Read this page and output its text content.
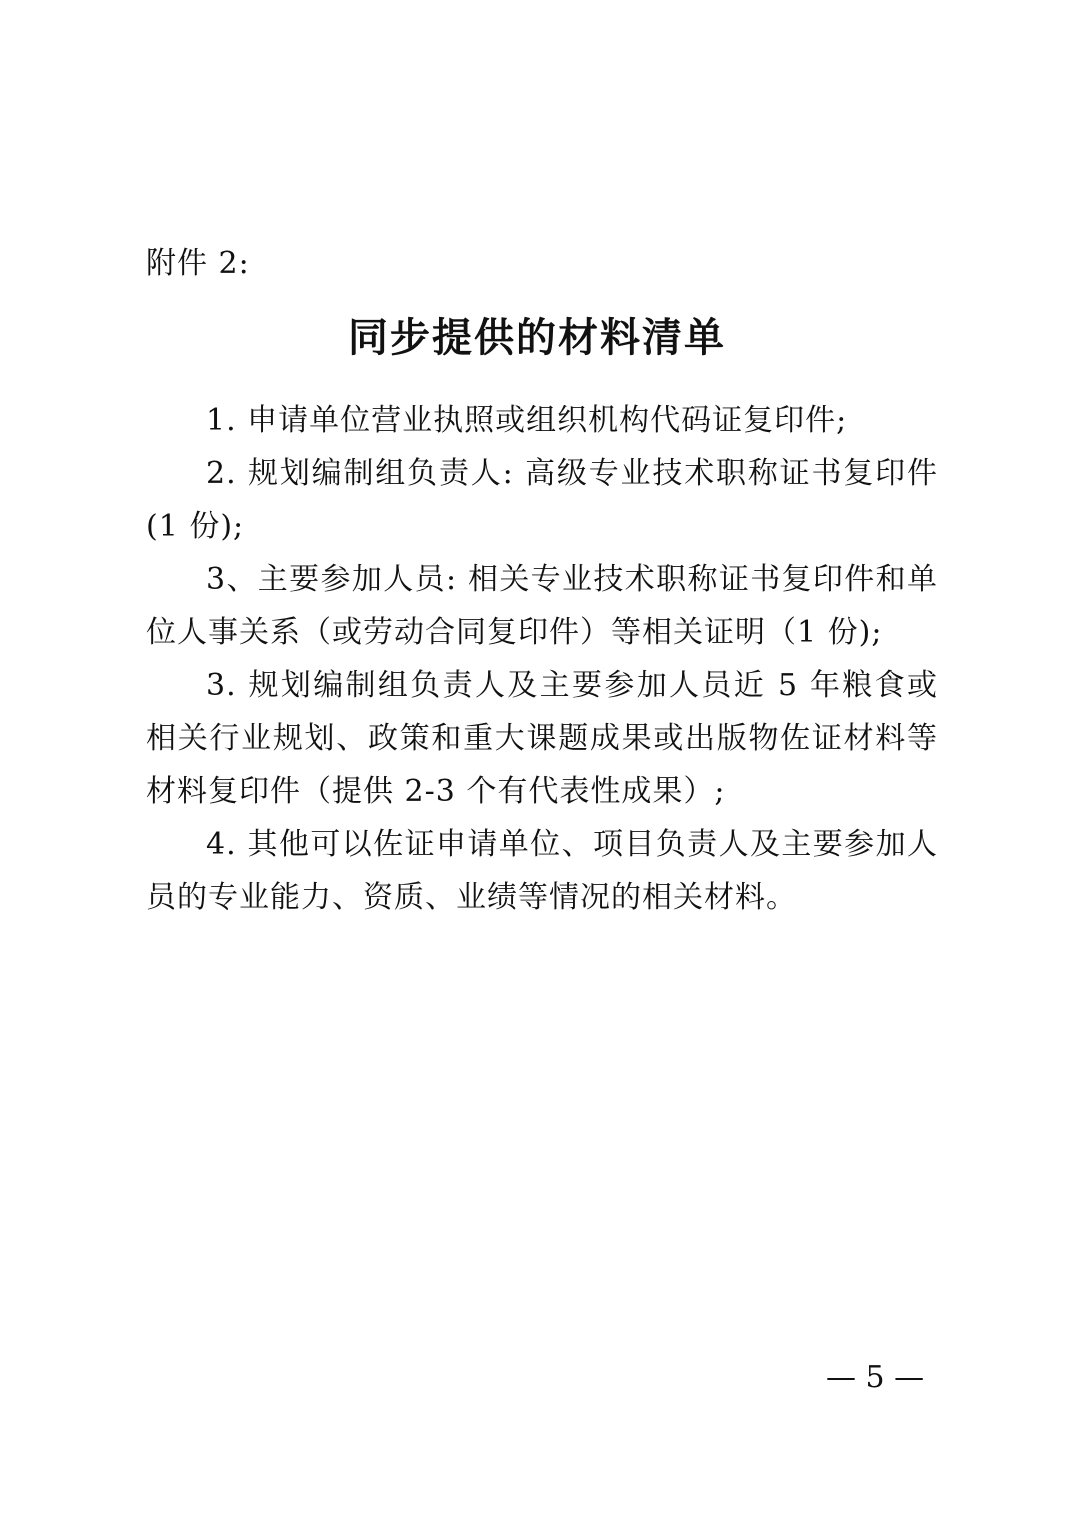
附件 2:
同步提供的材料清单

1. 申请单位营业执照或组织机构代码证复印件;

2. 规划编制组负责人: 高级专业技术职称证书复印件(1 份);

3、主要参加人员: 相关专业技术职称证书复印件和单位人事关系（或劳动合同复印件）等相关证明（1 份);

3. 规划编制组负责人及主要参加人员近 5 年粮食或相关行业规划、政策和重大课题成果或出版物佐证材料等材料复印件（提供 2-3 个有代表性成果）;

4. 其他可以佐证申请单位、项目负责人及主要参加人员的专业能力、资质、业绩等情况的相关材料。

— 5 —
